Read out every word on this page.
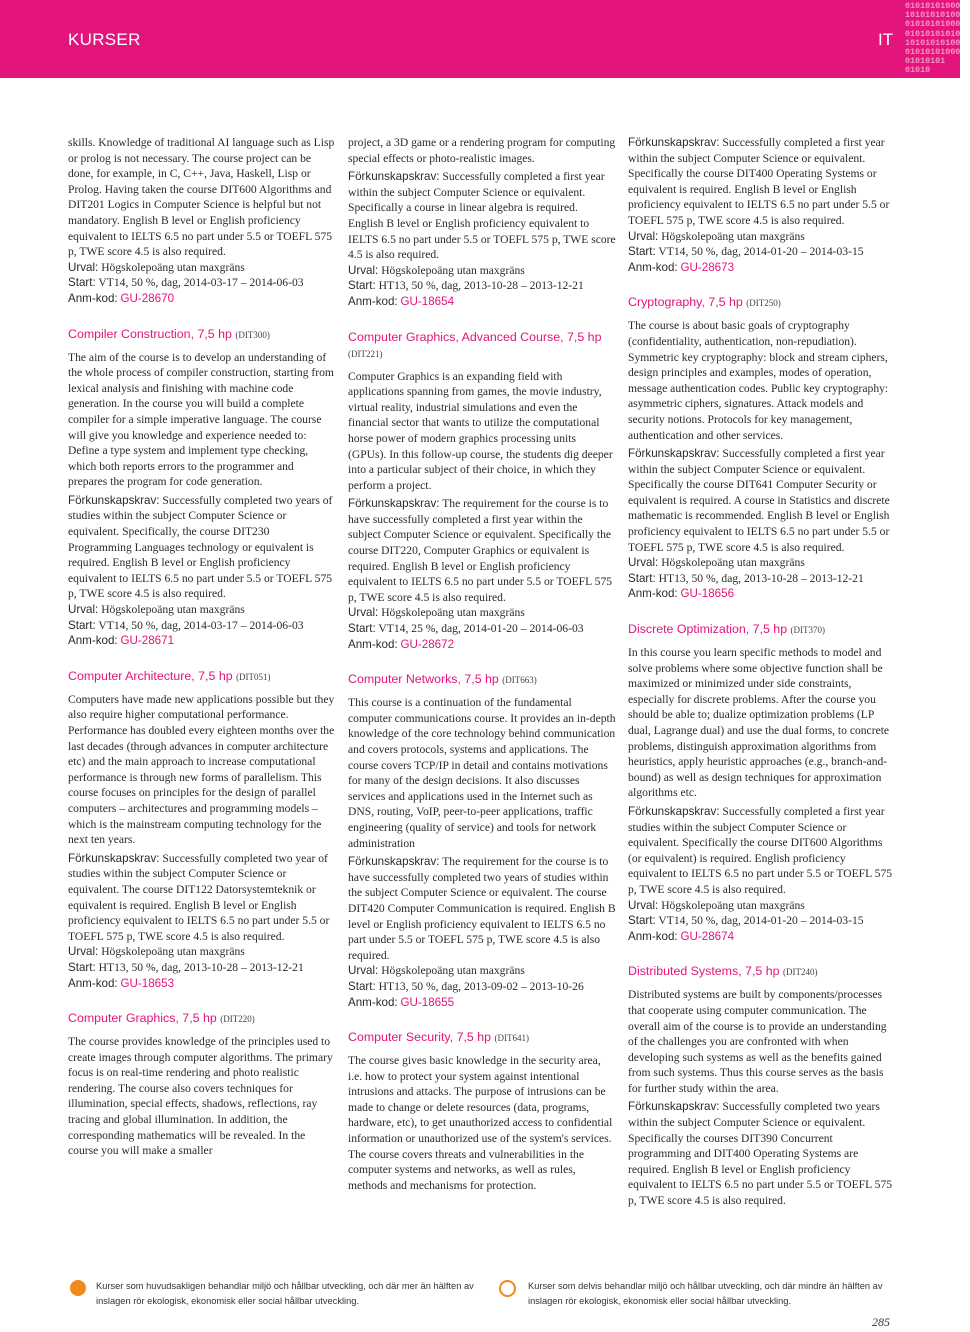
KURSER	IT
01010101000
1010101010010
0101010100010
0101010101000
1010101010010
0101010100010
01010101
01010

skills. Knowledge of traditional AI language such as Lisp or prolog is not necessary. The course project can be done, for example, in C, C++, Java, Haskell, Lisp or Prolog. Having taken the course DIT600 Algorithms and DIT201 Logics in Computer Science is helpful but not mandatory. English B level or English proficiency equivalent to IELTS 6.5 no part under 5.5 or TOEFL 575 p, TWE score 4.5 is also required.

Urval: Högskolepoäng utan maxgräns

Start: VT14, 50 %, dag, 2014-03-17 – 2014-06-03

Anm-kod: GU-28670

Compiler Construction, 7,5 hp (DIT300)

The aim of the course is to develop an understanding of the whole process of compiler construction, starting from lexical analysis and finishing with machine code generation. In the course you will build a complete compiler for a simple imperative language. The course will give you knowledge and experience needed to: Define a type system and implement type checking, which both reports errors to the programmer and prepares the program for code generation.

Förkunskapskrav: Successfully completed two years of studies within the subject Computer Science or equivalent. Specifically, the course DIT230 Programming Languages technology or equivalent is required. English B level or English proficiency equivalent to IELTS 6.5 no part under 5.5 or TOEFL 575 p, TWE score 4.5 is also required.

Urval: Högskolepoäng utan maxgräns

Start: VT14, 50 %, dag, 2014-03-17 – 2014-06-03

Anm-kod: GU-28671

Computer Architecture, 7,5 hp (DIT051)

Computers have made new applications possible but they also require higher computational performance. Performance has doubled every eighteen months over the last decades (through advances in computer architecture etc) and the main approach to increase computational performance is through new forms of parallelism. This course focuses on principles for the design of parallel computers – architectures and programming models – which is the mainstream computing technology for the next ten years.

Förkunskapskrav: Successfully completed two year of studies within the subject Computer Science or equivalent. The course DIT122 Datorsystemteknik or equivalent is required. English B level or English proficiency equivalent to IELTS 6.5 no part under 5.5 or TOEFL 575 p, TWE score 4.5 is also required.

Urval: Högskolepoäng utan maxgräns

Start: HT13, 50 %, dag, 2013-10-28 – 2013-12-21

Anm-kod: GU-18653

Computer Graphics, 7,5 hp (DIT220)

The course provides knowledge of the principles used to create images through computer algorithms. The primary focus is on real-time rendering and photo realistic rendering. The course also covers techniques for illumination, special effects, shadows, reflections, ray tracing and global illumination. In addition, the corresponding mathematics will be revealed. In the course you will make a smaller

project, a 3D game or a rendering program for computing special effects or photo-realistic images.

Förkunskapskrav: Successfully completed a first year within the subject Computer Science or equivalent. Specifically a course in linear algebra is required. English B level or English proficiency equivalent to IELTS 6.5 no part under 5.5 or TOEFL 575 p, TWE score 4.5 is also required.

Urval: Högskolepoäng utan maxgräns

Start: HT13, 50 %, dag, 2013-10-28 – 2013-12-21

Anm-kod: GU-18654

Computer Graphics, Advanced Course, 7,5 hp (DIT221)

Computer Graphics is an expanding field with applications spanning from games, the movie industry, virtual reality, industrial simulations and even the financial sector that wants to utilize the computational horse power of modern graphics processing units (GPUs). In this follow-up course, the students dig deeper into a particular subject of their choice, in which they perform a project.

Förkunskapskrav: The requirement for the course is to have successfully completed a first year within the subject Computer Science or equivalent. Specifically the course DIT220, Computer Graphics or equivalent is required. English B level or English proficiency equivalent to IELTS 6.5 no part under 5.5 or TOEFL 575 p, TWE score 4.5 is also required.

Urval: Högskolepoäng utan maxgräns

Start: VT14, 25 %, dag, 2014-01-20 – 2014-06-03

Anm-kod: GU-28672

Computer Networks, 7,5 hp (DIT663)

This course is a continuation of the fundamental computer communications course. It provides an in-depth knowledge of the core technology behind communication and covers protocols, systems and applications. The course covers TCP/IP in detail and contains motivations for many of the design decisions. It also discusses services and applications used in the Internet such as DNS, routing, VoIP, peer-to-peer applications, traffic engineering (quality of service) and tools for network administration

Förkunskapskrav: The requirement for the course is to have successfully completed two years of studies within the subject Computer Science or equivalent. The course DIT420 Computer Communication is required. English B level or English proficiency equivalent to IELTS 6.5 no part under 5.5 or TOEFL 575 p, TWE score 4.5 is also required.

Urval: Högskolepoäng utan maxgräns

Start: HT13, 50 %, dag, 2013-09-02 – 2013-10-26

Anm-kod: GU-18655

Computer Security, 7,5 hp (DIT641)

The course gives basic knowledge in the security area, i.e. how to protect your system against intentional intrusions and attacks. The purpose of intrusions can be made to change or delete resources (data, programs, hardware, etc), to get unauthorized access to confidential information or unauthorized use of the system's services. The course covers threats and vulnerabilities in the computer systems and networks, as well as rules, methods and mechanisms for protection.

Förkunskapskrav: Successfully completed a first year within the subject Computer Science or equivalent. Specifically the course DIT400 Operating Systems or equivalent is required. English B level or English proficiency equivalent to IELTS 6.5 no part under 5.5 or TOEFL 575 p, TWE score 4.5 is also required.

Urval: Högskolepoäng utan maxgräns

Start: VT14, 50 %, dag, 2014-01-20 – 2014-03-15

Anm-kod: GU-28673

Cryptography, 7,5 hp (DIT250)

The course is about basic goals of cryptography (confidentiality, authentication, non-repudiation). Symmetric key cryptography: block and stream ciphers, design principles and examples, modes of operation, message authentication codes. Public key cryptography: asymmetric ciphers, signatures. Attack models and security notions. Protocols for key management, authentication and other services.

Förkunskapskrav: Successfully completed a first year within the subject Computer Science or equivalent. Specifically the course DIT641 Computer Security or equivalent is required. A course in Statistics and discrete mathematic is recommended. English B level or English proficiency equivalent to IELTS 6.5 no part under 5.5 or TOEFL 575 p, TWE score 4.5 is also required.

Urval: Högskolepoäng utan maxgräns

Start: HT13, 50 %, dag, 2013-10-28 – 2013-12-21

Anm-kod: GU-18656

Discrete Optimization, 7,5 hp (DIT370)

In this course you learn specific methods to model and solve problems where some objective function shall be maximized or minimized under side constraints, especially for discrete problems. After the course you should be able to; dualize optimization problems (LP dual, Lagrange dual) and use the dual forms, to concrete problems, distinguish approximation algorithms from heuristics, apply heuristic approaches (e.g., branch-and-bound) as well as design techniques for approximation algorithms etc.

Förkunskapskrav: Successfully completed a first year studies within the subject Computer Science or equivalent. Specifically the course DIT600 Algorithms (or equivalent) is required. English proficiency equivalent to IELTS 6.5 no part under 5.5 or TOEFL 575 p, TWE score 4.5 is also required.

Urval: Högskolepoäng utan maxgräns

Start: VT14, 50 %, dag, 2014-01-20 – 2014-03-15

Anm-kod: GU-28674

Distributed Systems, 7,5 hp (DIT240)

Distributed systems are built by components/processes that cooperate using computer communication. The overall aim of the course is to provide an understanding of the challenges you are confronted with when developing such systems as well as the benefits gained from such systems. Thus this course serves as the basis for further study within the area.

Förkunskapskrav: Successfully completed two years within the subject Computer Science or equivalent. Specifically the courses DIT390 Concurrent programming and DIT400 Operating Systems are required. English B level or English proficiency equivalent to IELTS 6.5 no part under 5.5 or TOEFL 575 p, TWE score 4.5 is also required.

Kurser som huvudsakligen behandlar miljö och hållbar utveckling, och där mer än hälften av inslagen rör ekologisk, ekonomisk eller social hållbar utveckling.
Kurser som delvis behandlar miljö och hållbar utveckling, och där mindre än hälften av inslagen rör ekologisk, ekonomisk eller social hållbar utveckling.
285
